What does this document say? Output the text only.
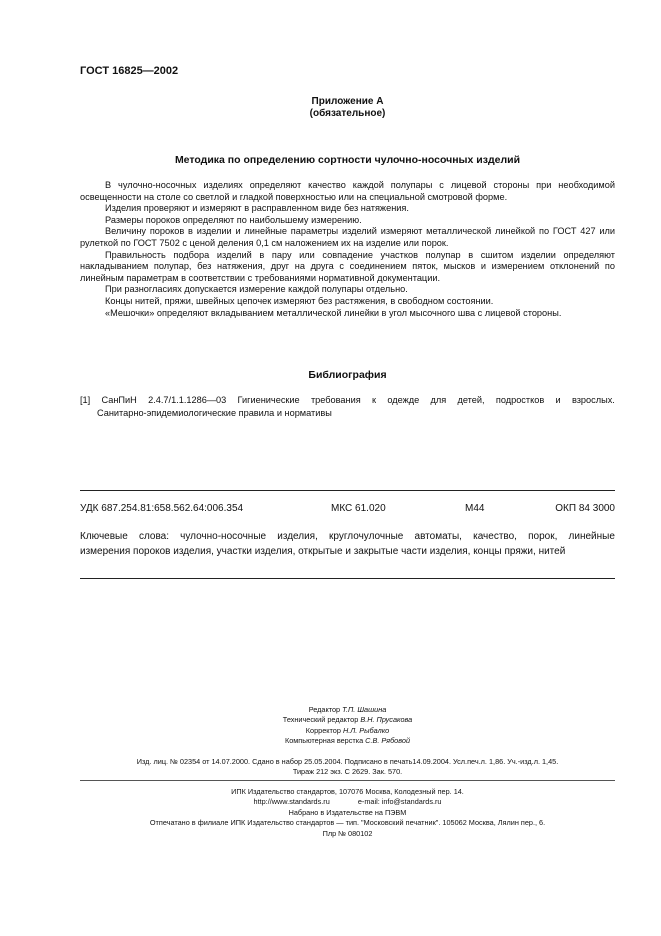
ГОСТ 16825—2002
Приложение А
(обязательное)
Методика по определению сортности чулочно-носочных изделий

В чулочно-носочных изделиях определяют качество каждой полупары с лицевой стороны при необходимой освещенности на столе со светлой и гладкой поверхностью или на специальной смотровой форме.

Изделия проверяют и измеряют в расправленном виде без натяжения.

Размеры пороков определяют по наибольшему измерению.

Величину пороков в изделии и линейные параметры изделий измеряют металлической линейкой по ГОСТ 427 или рулеткой по ГОСТ 7502 с ценой деления 0,1 см наложением их на изделие или порок.

Правильность подбора изделий в пару или совпадение участков полупар в сшитом изделии определяют накладыванием полупар, без натяжения, друг на друга с соединением пяток, мысков и измерением отклонений по линейным параметрам в соответствии с требованиями нормативной документации.

При разногласиях допускается измерение каждой полупары отдельно.

Концы нитей, пряжи, швейных цепочек измеряют без растяжения, в свободном состоянии.

«Мешочки» определяют вкладыванием металлической линейки в угол мысочного шва с лицевой стороны.

Библиография
[1] СанПиН 2.4.7/1.1.1286—03 Гигиенические требования к одежде для детей, подростков и взрослых.
Санитарно-эпидемиологические правила и нормативы
УДК 687.254.81:658.562.64:006.354	МКС 61.020	М44	ОКП 84 3000
Ключевые слова: чулочно-носочные изделия, круглочулочные автоматы, качество, порок, линейные
измерения пороков изделия, участки изделия, открытые и закрытые части изделия, концы пряжи, нитей
Редактор Т.П. Шашина
Технический редактор В.Н. Прусакова
Корректор Н.Л. Рыбалко
Компьютерная верстка С.В. Рябовой
Изд. лиц. № 02354 от 14.07.2000. Сдано в набор 25.05.2004. Подписано в печать14.09.2004. Усл.печ.л. 1,86. Уч.-изд.л. 1,45.
Тираж 212 экз. С 2629. Зак. 570.
ИПК Издательство стандартов, 107076 Москва, Колодезный пер. 14.
http://www.standards.ru	e-mail: info@standards.ru
Набрано в Издательстве на ПЭВМ
Отпечатано в филиале ИПК Издательство стандартов — тип. "Московский печатник". 105062 Москва, Лялин пер., 6.
Плр № 080102
